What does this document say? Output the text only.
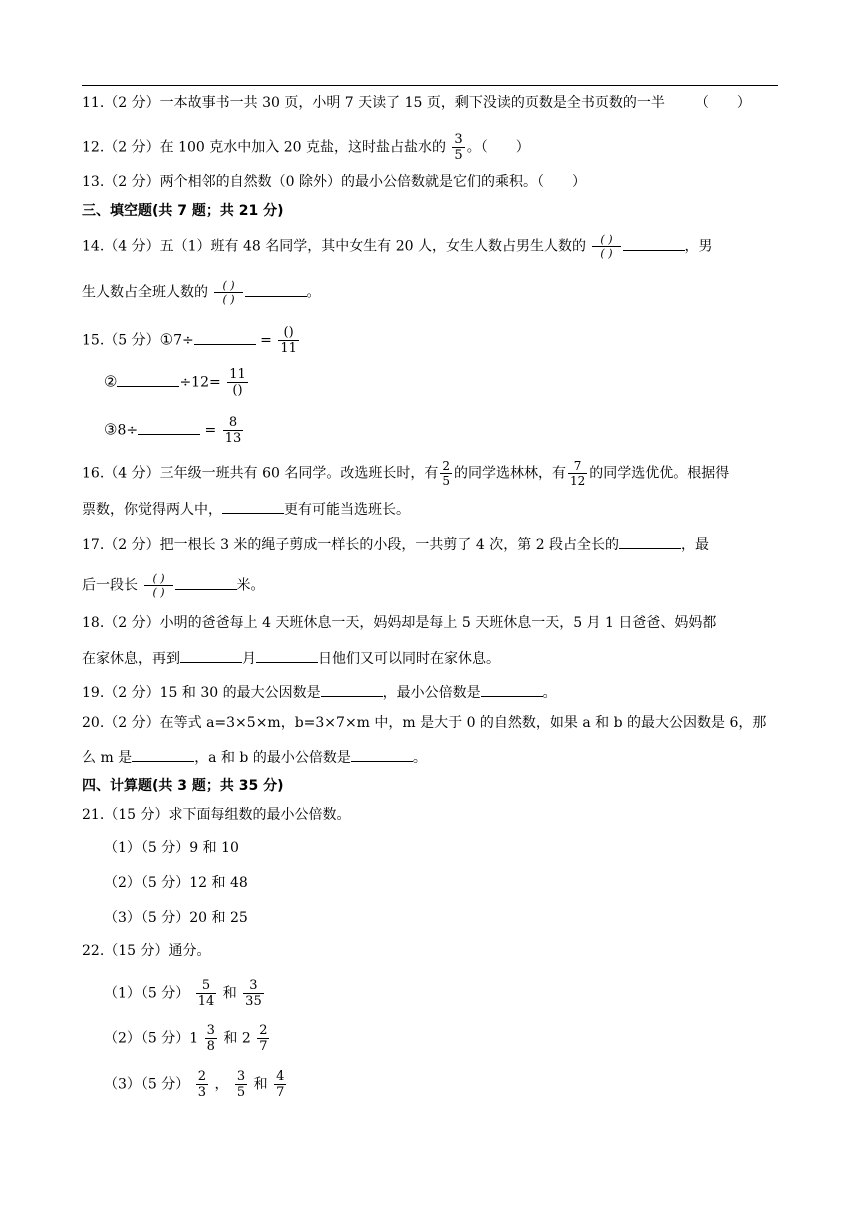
11.（2 分）一本故事书一共 30 页，小明 7 天读了 15 页，剩下没读的页数是全书页数的一半 （　　）
12.（2 分）在 100 克水中加入 20 克盐，这时盐占盐水的 $\frac{3}{5}$ 。（　　）
13.（2 分）两个相邻的自然数（0 除外）的最小公倍数就是它们的乘积。（　　）
三、填空题(共 7 题；共 21 分)
14.（4 分）五（1）班有 48 名同学，其中女生有 20 人，女生人数占男生人数的 $\frac{( )}{( )}$	，男
生人数占全班人数的 $\frac{( )}{( )}$	。
15.（5 分）①7÷	= $\frac{()}{11}$
②	$\div 12= \frac{11}{()}$
③8÷	= $\frac{8}{13}$
16.（4 分）三年级一班共有 60 名同学。改选班长时，有 $\frac{2}{5}$ 的同学选林林，有 $\frac{7}{12}$ 的同学选优优。根据得
票数，你觉得两人中，	更有可能当选班长。
17.（2 分）把一根长 3 米的绳子剪成一样长的小段，一共剪了 4 次，第 2 段占全长的	，最
后一段长 $\frac{( )}{( )}$	米。
18.（2 分）小明的爸爸每上 4 天班休息一天，妈妈却是每上 5 天班休息一天，5 月 1 日爸爸、妈妈都
在家休息，再到	月	日他们又可以同时在家休息。
19.（2 分）15 和 30 的最大公因数是	，最小公倍数是	。
20.（2 分）在等式 a=3×5×m，b=3×7×m 中，m 是大于 0 的自然数，如果 a 和 b 的最大公因数是 6，那
么 m 是	，a 和 b 的最小公倍数是	。
四、计算题(共 3 题；共 35 分)
21.（15 分）求下面每组数的最小公倍数。
（1）（5 分）9 和 10
（2）（5 分）12 和 48
（3）（5 分）20 和 25
22.（15 分）通分。
（1）（5 分） $\frac{5}{14}$ 和 $\frac{3}{35}$
（2）（5 分）$1 \frac{3}{8}$ 和 $2 \frac{2}{7}$
（3）（5 分） $\frac{2}{3}$ ， $\frac{3}{5}$ 和 $\frac{4}{7}$
